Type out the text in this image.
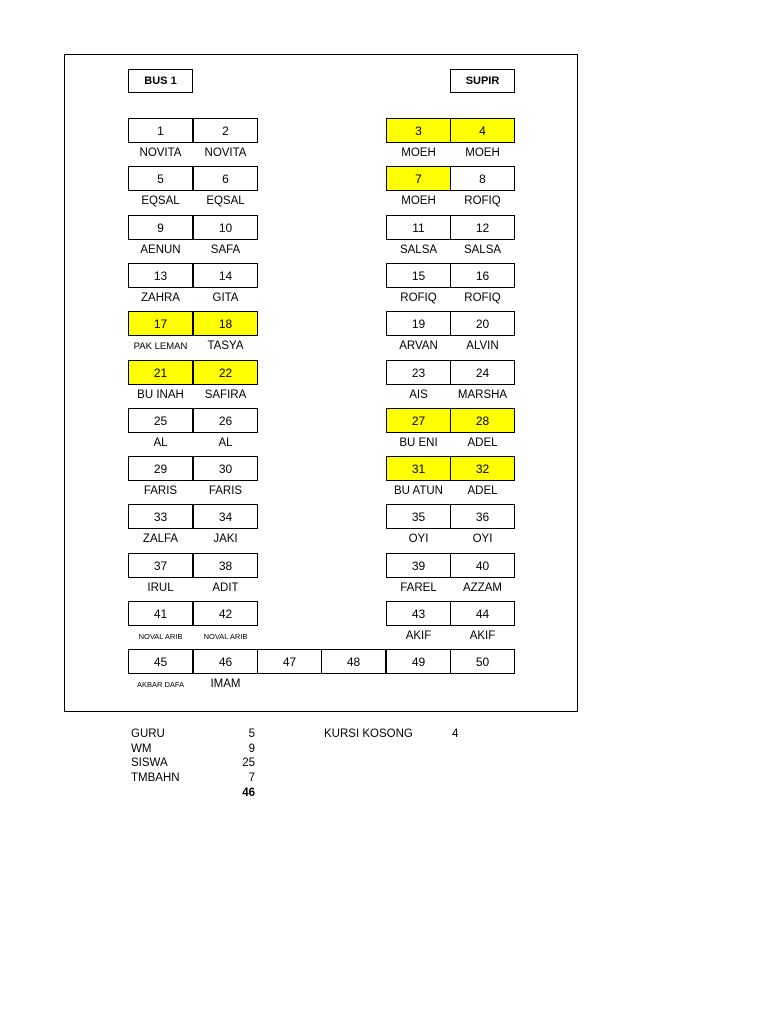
BUS 1	SUPIR
1	2
NOVITA	NOVITA
5	6
EQSAL	EQSAL
9	10
AENUN	SAFA
13	14
ZAHRA	GITA
17	18
PAK LEMAN	TASYA
21	22
BU INAH	SAFIRA
25	26
AL	AL
29	30
FARIS	FARIS
33	34
ZALFA	JAKI
37	38
IRUL	ADIT
41	42
NOVAL ARIB	NOVAL ARIB
3	4
MOEH	MOEH
7	8
MOEH	ROFIQ
11	12
SALSA	SALSA
15	16
ROFIQ	ROFIQ
19	20
ARVAN	ALVIN
23	24
AIS	MARSHA
27	28
BU ENI	ADEL
31	32
BU ATUN	ADEL
35	36
OYI	OYI
39	40
FAREL	AZZAM
43	44
AKIF	AKIF
45	46	47	48	49	50
AKBAR DAFA	IMAM
GURU	5
WM	9
SISWA	25
TMBAHN	7
46
KURSI KOSONG	4
